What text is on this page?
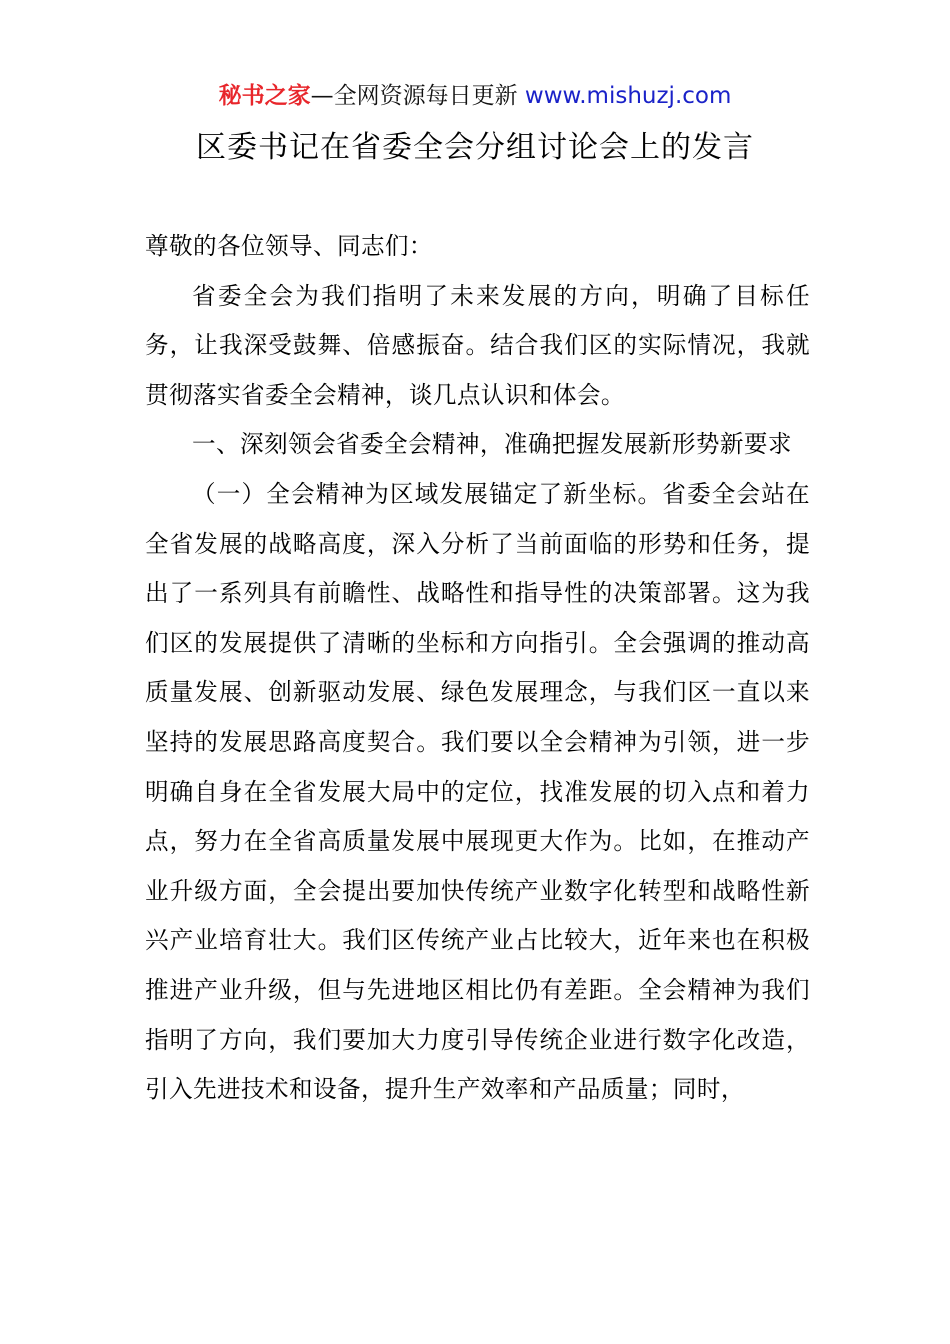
秘书之家—全网资源每日更新 www.mishuzj.com
区委书记在省委全会分组讨论会上的发言

尊敬的各位领导、同志们：

省委全会为我们指明了未来发展的方向，明确了目标任务，让我深受鼓舞、倍感振奋。结合我们区的实际情况，我就贯彻落实省委全会精神，谈几点认识和体会。

一、深刻领会省委全会精神，准确把握发展新形势新要求

（一）全会精神为区域发展锚定了新坐标。省委全会站在全省发展的战略高度，深入分析了当前面临的形势和任务，提出了一系列具有前瞻性、战略性和指导性的决策部署。这为我们区的发展提供了清晰的坐标和方向指引。全会强调的推动高质量发展、创新驱动发展、绿色发展理念，与我们区一直以来坚持的发展思路高度契合。我们要以全会精神为引领，进一步明确自身在全省发展大局中的定位，找准发展的切入点和着力点，努力在全省高质量发展中展现更大作为。比如，在推动产业升级方面，全会提出要加快传统产业数字化转型和战略性新兴产业培育壮大。我们区传统产业占比较大，近年来也在积极推进产业升级，但与先进地区相比仍有差距。全会精神为我们指明了方向，我们要加大力度引导传统企业进行数字化改造，引入先进技术和设备，提升生产效率和产品质量；同时，
